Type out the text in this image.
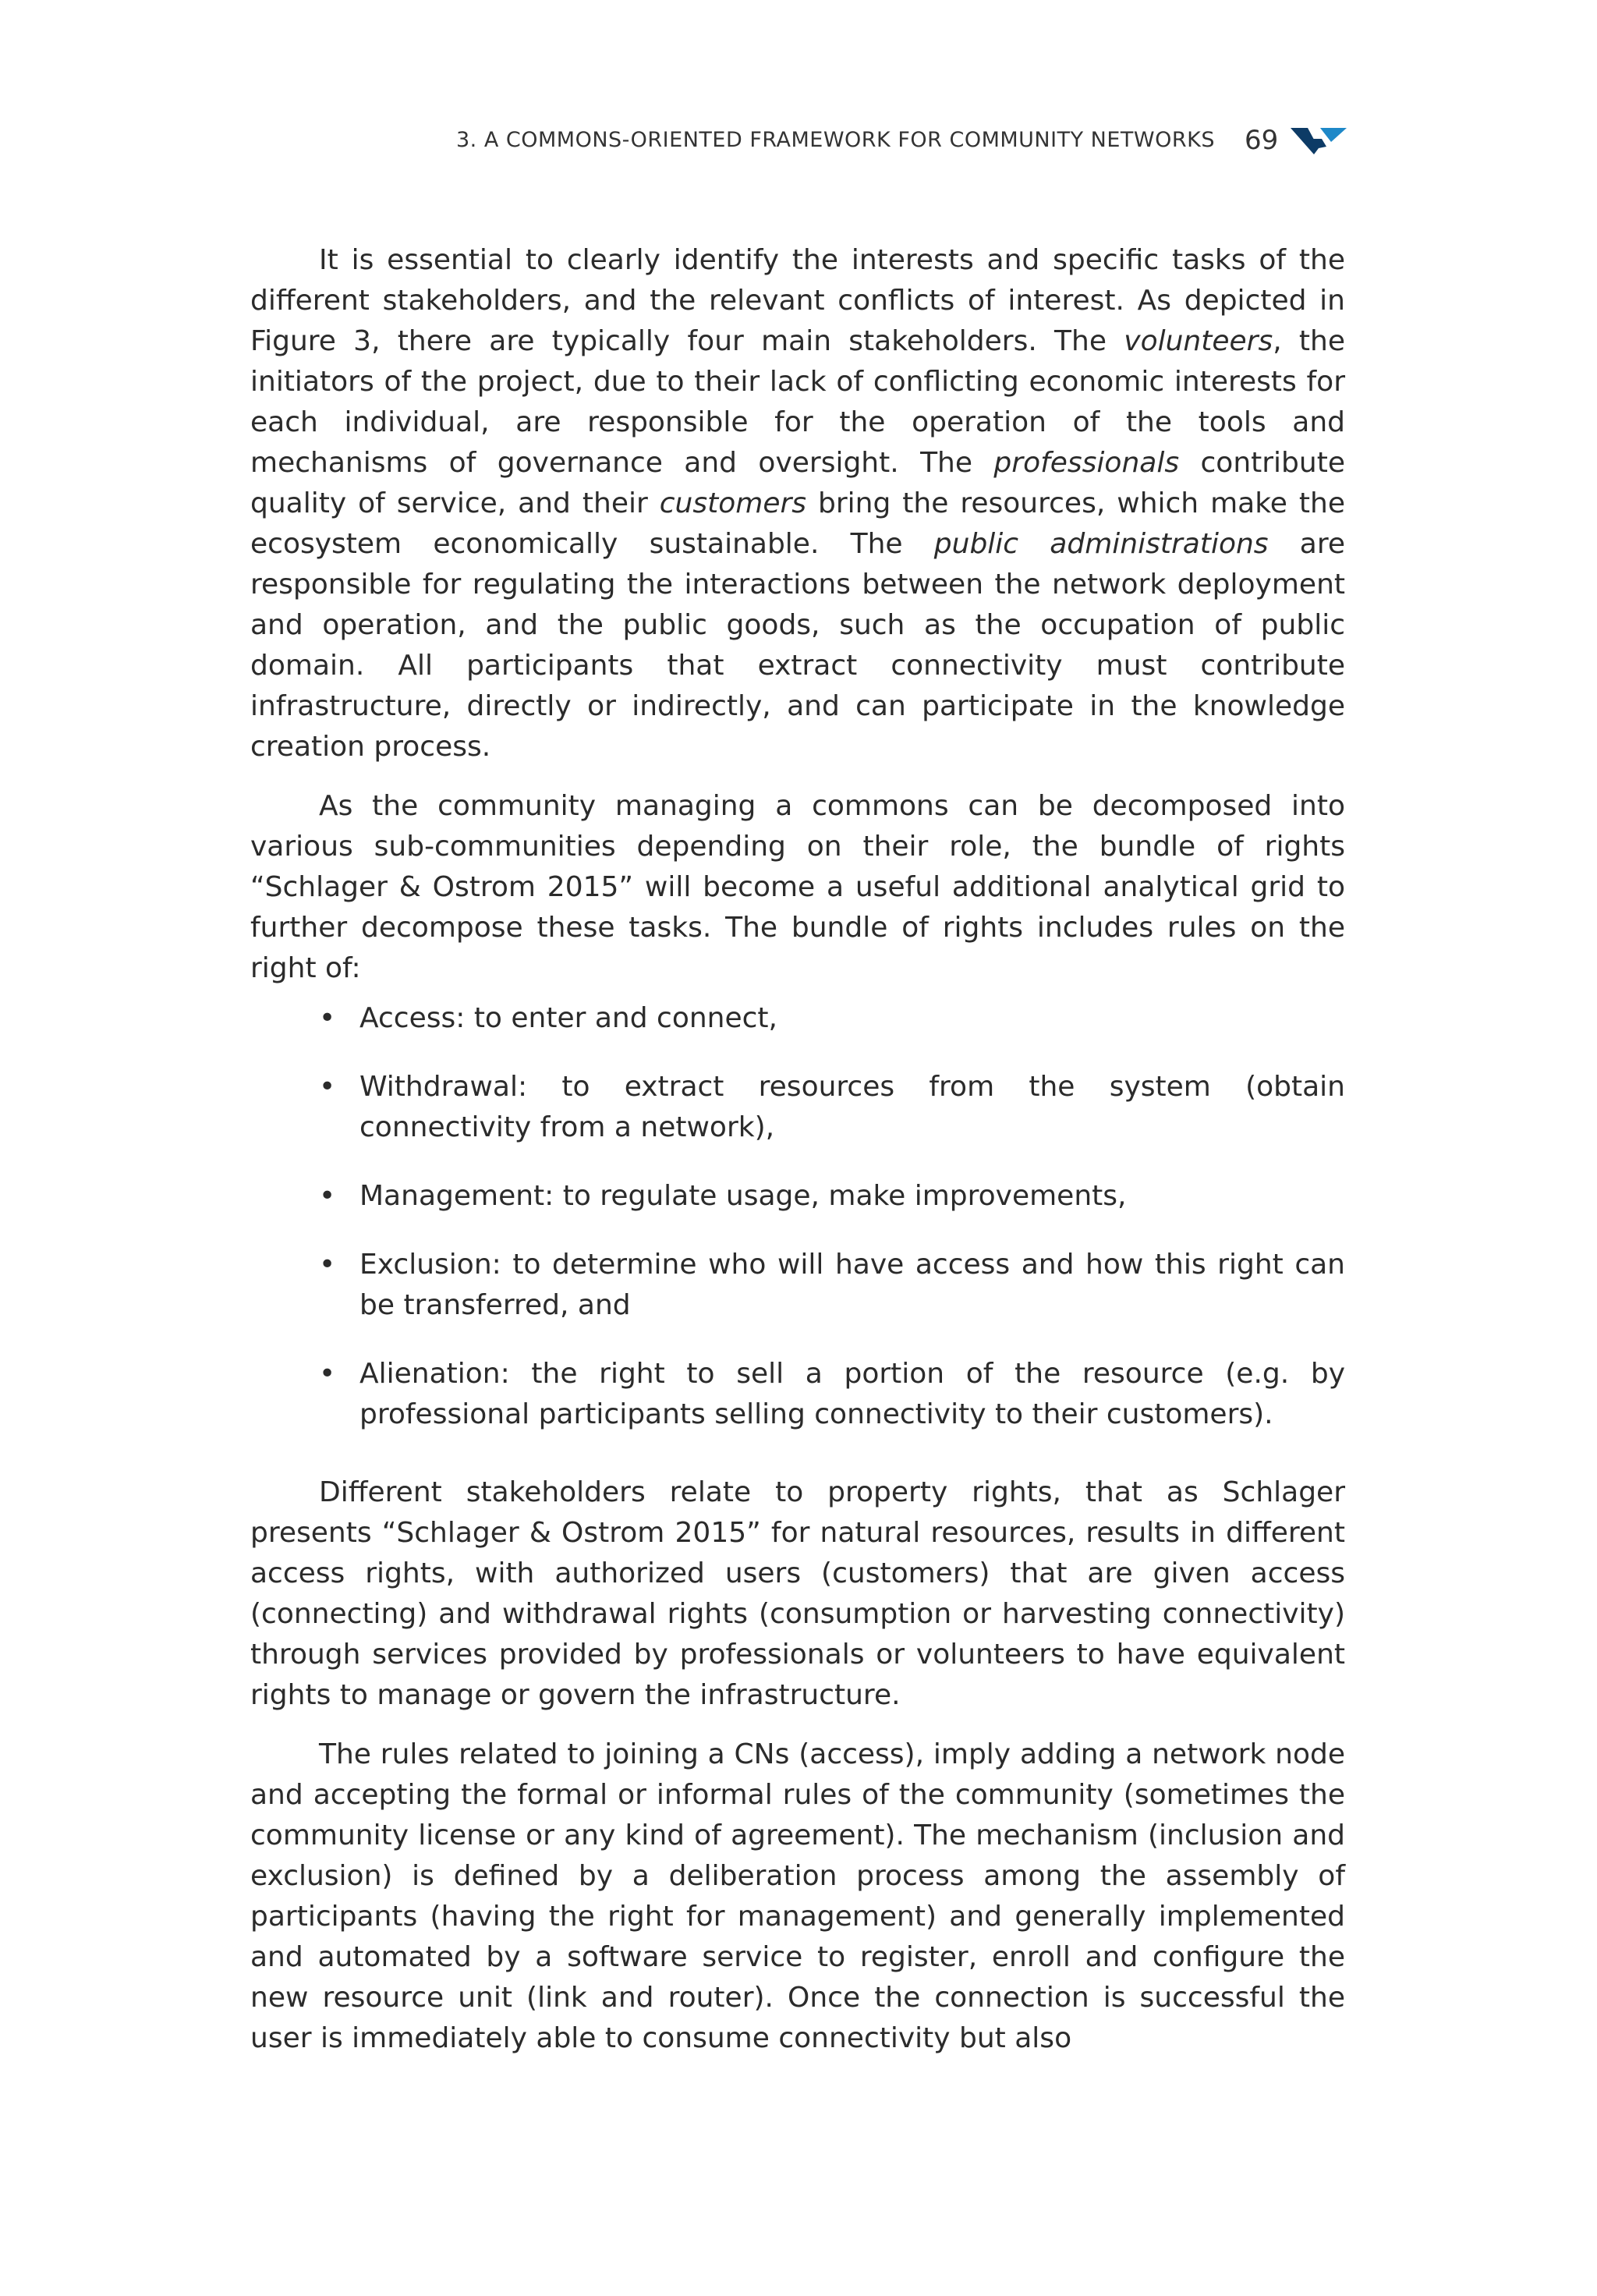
3. A COMMONS-ORIENTED FRAMEWORK FOR COMMUNITY NETWORKS	69

It is essential to clearly identify the interests and specific tasks of the different stakeholders, and the relevant conflicts of interest. As depicted in Figure 3, there are typically four main stakeholders. The volunteers, the initiators of the project, due to their lack of conflicting economic interests for each individual, are responsible for the operation of the tools and mechanisms of governance and oversight. The professionals contribute quality of service, and their customers bring the resources, which make the ecosystem economically sustainable. The public administrations are responsible for regulating the interactions between the network deployment and operation, and the public goods, such as the occupation of public domain. All participants that extract connectivity must contribute infrastructure, directly or indirectly, and can participate in the knowledge creation process.

As the community managing a commons can be decomposed into various sub-communities depending on their role, the bundle of rights “Schlager & Ostrom 2015” will become a useful additional analytical grid to further decompose these tasks. The bundle of rights includes rules on the right of:

• Access: to enter and connect,
• Withdrawal: to extract resources from the system (obtain connectivity from a network),
• Management: to regulate usage, make improvements,
• Exclusion: to determine who will have access and how this right can be transferred, and
• Alienation: the right to sell a portion of the resource (e.g. by professional participants selling connectivity to their customers).

Different stakeholders relate to property rights, that as Schlager presents “Schlager & Ostrom 2015” for natural resources, results in different access rights, with authorized users (customers) that are given access (connecting) and withdrawal rights (consumption or harvesting connectivity) through services provided by professionals or volunteers to have equivalent rights to manage or govern the infrastructure.

The rules related to joining a CNs (access), imply adding a network node and accepting the formal or informal rules of the community (sometimes the community license or any kind of agreement). The mechanism (inclusion and exclusion) is defined by a deliberation process among the assembly of participants (having the right for management) and generally implemented and automated by a software service to register, enroll and configure the new resource unit (link and router). Once the connection is successful the user is immediately able to consume connectivity but also
